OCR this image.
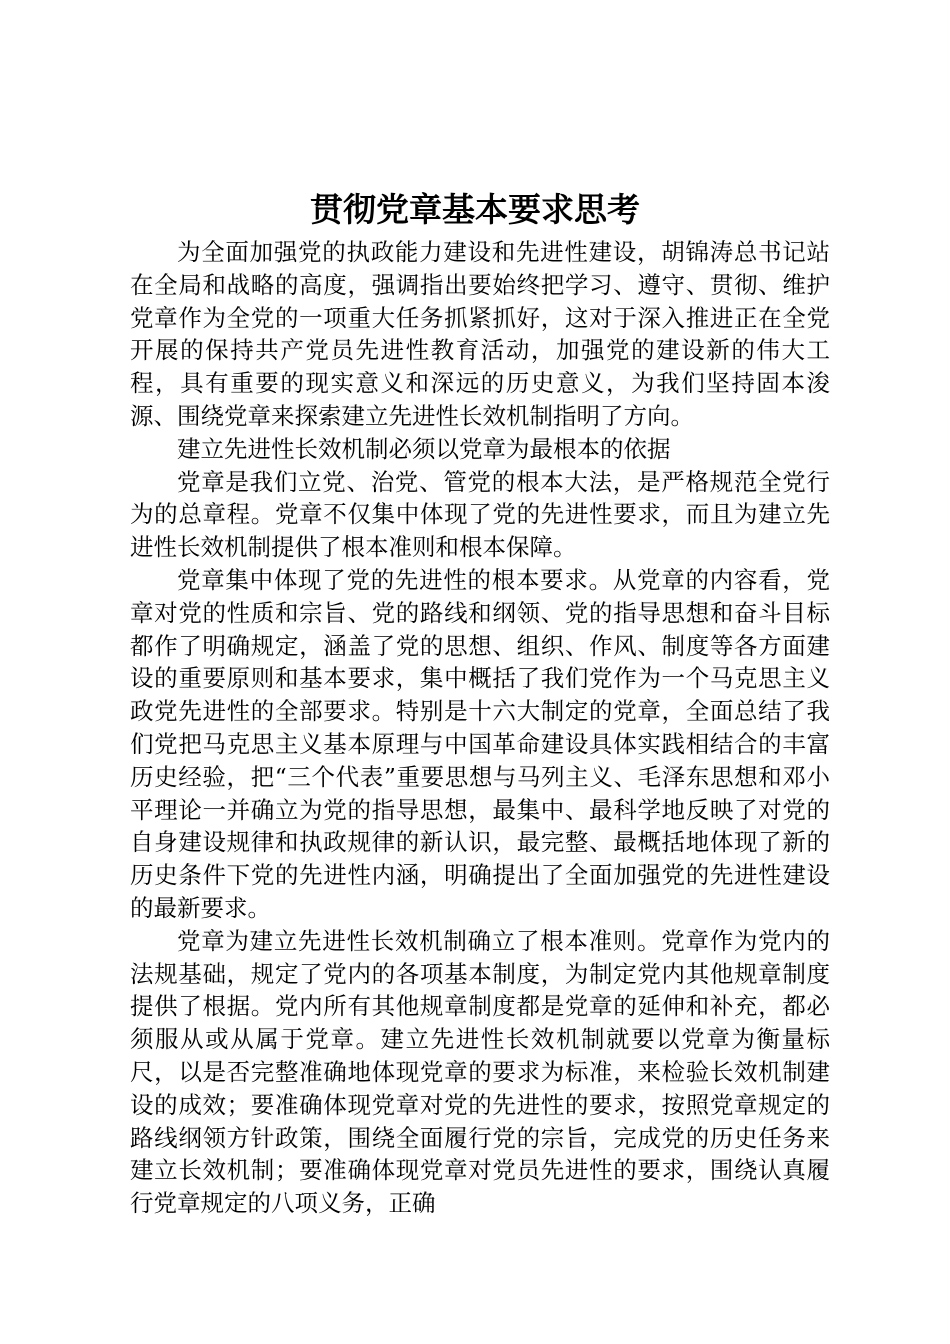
贯彻党章基本要求思考

为全面加强党的执政能力建设和先进性建设，胡锦涛总书记站在全局和战略的高度，强调指出要始终把学习、遵守、贯彻、维护党章作为全党的一项重大任务抓紧抓好，这对于深入推进正在全党开展的保持共产党员先进性教育活动，加强党的建设新的伟大工程，具有重要的现实意义和深远的历史意义，为我们坚持固本浚源、围绕党章来探索建立先进性长效机制指明了方向。

建立先进性长效机制必须以党章为最根本的依据

党章是我们立党、治党、管党的根本大法，是严格规范全党行为的总章程。党章不仅集中体现了党的先进性要求，而且为建立先进性长效机制提供了根本准则和根本保障。

党章集中体现了党的先进性的根本要求。从党章的内容看，党章对党的性质和宗旨、党的路线和纲领、党的指导思想和奋斗目标都作了明确规定，涵盖了党的思想、组织、作风、制度等各方面建设的重要原则和基本要求，集中概括了我们党作为一个马克思主义政党先进性的全部要求。特别是十六大制定的党章，全面总结了我们党把马克思主义基本原理与中国革命建设具体实践相结合的丰富历史经验，把“三个代表”重要思想与马列主义、毛泽东思想和邓小平理论一并确立为党的指导思想，最集中、最科学地反映了对党的自身建设规律和执政规律的新认识，最完整、最概括地体现了新的历史条件下党的先进性内涵，明确提出了全面加强党的先进性建设的最新要求。

党章为建立先进性长效机制确立了根本准则。党章作为党内的法规基础，规定了党内的各项基本制度，为制定党内其他规章制度提供了根据。党内所有其他规章制度都是党章的延伸和补充，都必须服从或从属于党章。建立先进性长效机制就要以党章为衡量标尺，以是否完整准确地体现党章的要求为标准，来检验长效机制建设的成效；要准确体现党章对党的先进性的要求，按照党章规定的路线纲领方针政策，围绕全面履行党的宗旨，完成党的历史任务来建立长效机制；要准确体现党章对党员先进性的要求，围绕认真履行党章规定的八项义务，正确
